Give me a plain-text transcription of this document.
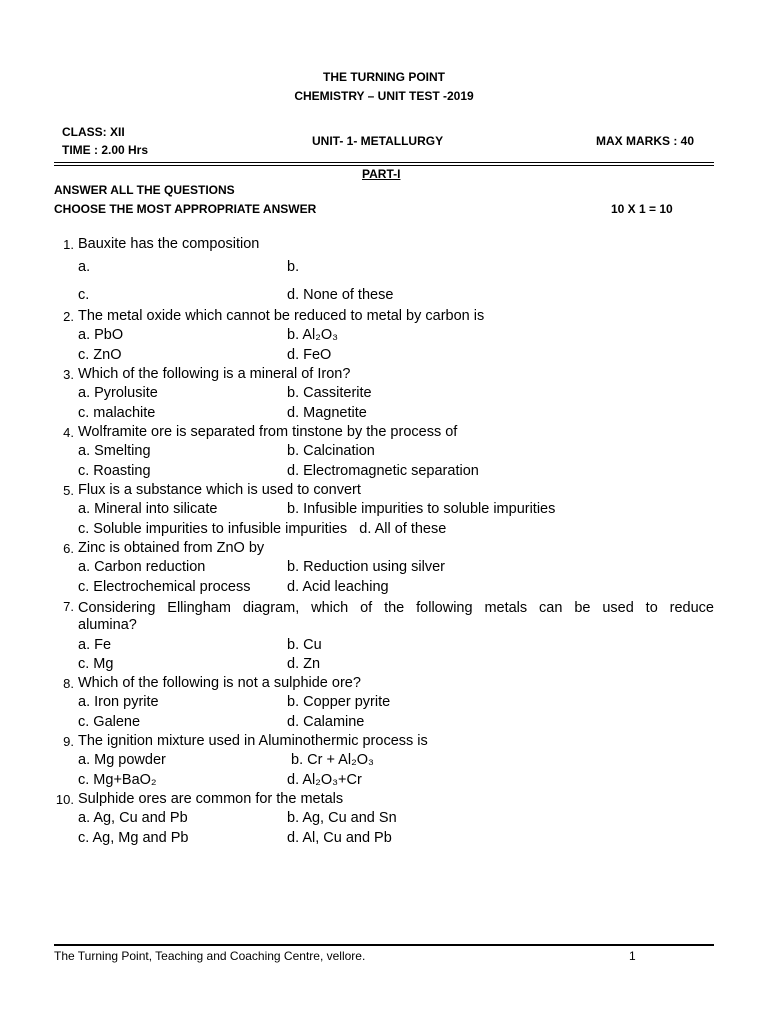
THE TURNING POINT
CHEMISTRY – UNIT TEST -2019
CLASS: XII
TIME : 2.00 Hrs
UNIT- 1- METALLURGY	MAX MARKS : 40
PART-I
ANSWER ALL THE QUESTIONS
CHOOSE THE MOST APPROPRIATE ANSWER	10 X 1 = 10
1. Bauxite has the composition
a.	b.
c.	d. None of these
2. The metal oxide which cannot be reduced to metal by carbon is
a. PbO	b. Al₂O₃
c. ZnO	d. FeO
3. Which of the following is a mineral of Iron?
a. Pyrolusite	b. Cassiterite
c. malachite	d. Magnetite
4. Wolframite ore is separated from tinstone by the process of
a. Smelting	b. Calcination
c. Roasting	d. Electromagnetic separation
5. Flux is a substance which is used to convert
a. Mineral into silicate	b. Infusible impurities to soluble impurities
c. Soluble impurities to infusible impurities   d. All of these
6. Zinc is obtained from ZnO by
a. Carbon reduction	b. Reduction using silver
c. Electrochemical process	d. Acid leaching
7. Considering Ellingham diagram, which of the following metals can be used to reduce
alumina?
a. Fe	b. Cu
c. Mg	d. Zn
8. Which of the following is not a sulphide ore?
a. Iron pyrite	b. Copper pyrite
c. Galene	d. Calamine
9. The ignition mixture used in Aluminothermic process is
a. Mg powder	b. Cr + Al₂O₃
c. Mg+BaO₂	d. Al₂O₃+Cr
10. Sulphide ores are common for the metals
a. Ag, Cu and Pb	b. Ag, Cu and Sn
c. Ag, Mg and Pb	d. Al, Cu and Pb
The Turning Point, Teaching and Coaching Centre, vellore.	1
